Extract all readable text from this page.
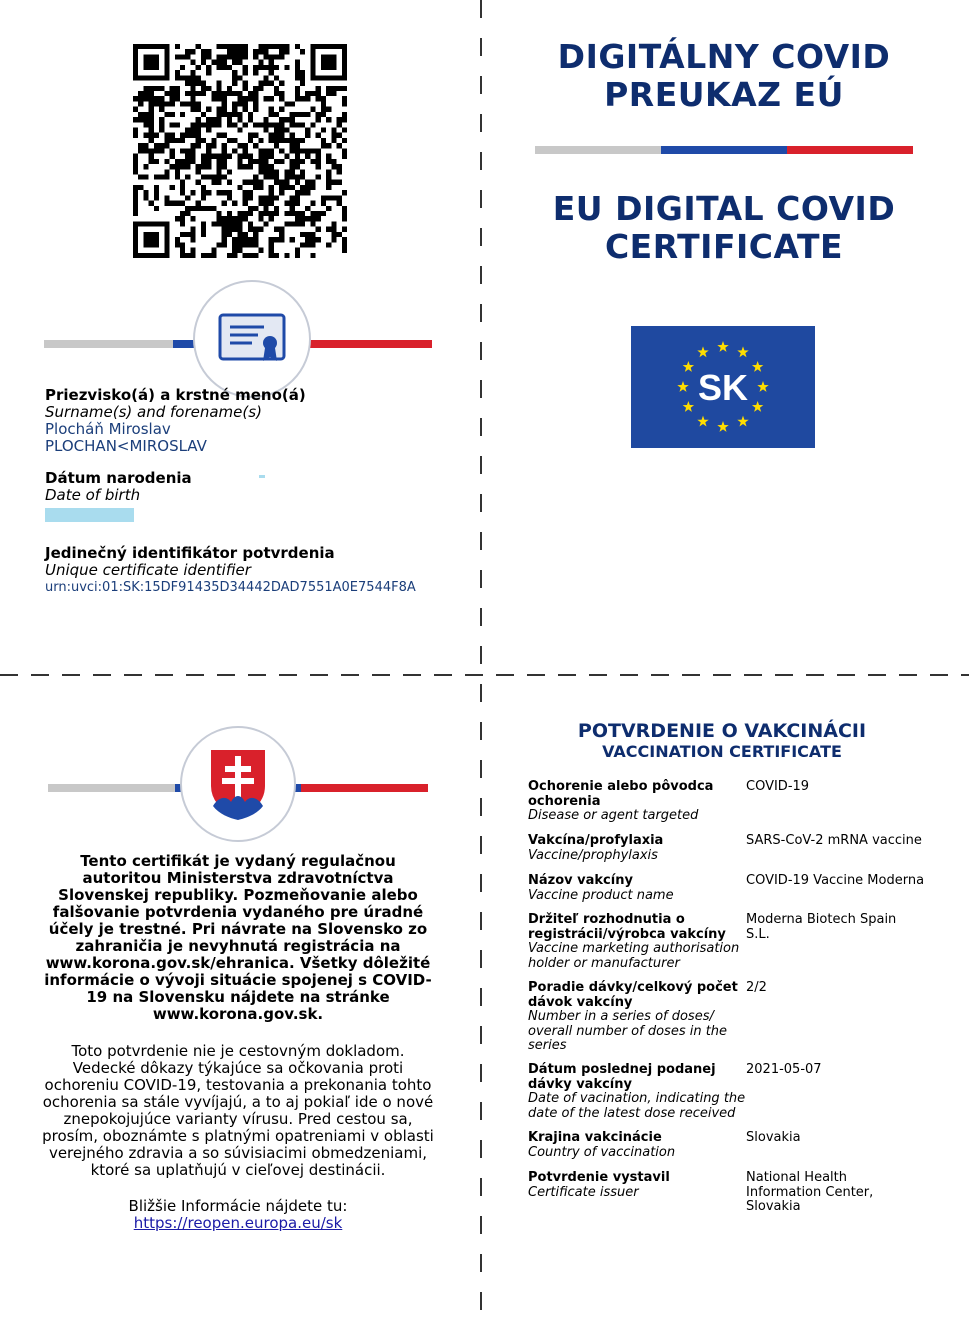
DIGITÁLNY COVID PREUKAZ EÚ
EU DIGITAL COVID CERTIFICATE
SK
Priezvisko(á) a krstné meno(á)
Surname(s) and forename(s)
Plocháň Miroslav
PLOCHAN<MIROSLAV
Dátum narodenia
Date of birth
Jedinečný identifikátor potvrdenia
Unique certificate identifier
urn:uvci:01:SK:15DF91435D34442DAD7551A0E7544F8A
Tento certifikát je vydaný regulačnou autoritou Ministerstva zdravotníctva Slovenskej republiky. Pozmeňovanie alebo falšovanie potvrdenia vydaného pre úradné účely je trestné. Pri návrate na Slovensko zo zahraničia je nevyhnutá registrácia na www.korona.gov.sk/ehranica. Všetky dôležité informácie o vývoji situácie spojenej s COVID-19 na Slovensku nájdete na stránke www.korona.gov.sk.
Toto potvrdenie nie je cestovným dokladom. Vedecké dôkazy týkajúce sa očkovania proti ochoreniu COVID-19, testovania a prekonania tohto ochorenia sa stále vyvíjajú, a to aj pokiaľ ide o nové znepokojujúce varianty vírusu. Pred cestou sa, prosím, oboznámte s platnými opatreniami v oblasti verejného zdravia a so súvisiacimi obmedzeniami, ktoré sa uplatňujú v cieľovej destinácii.
Bližšie Informácie nájdete tu:
https://reopen.europa.eu/sk
POTVRDENIE O VAKCINÁCII
VACCINATION CERTIFICATE
Ochorenie alebo pôvodca ochorenia
Disease or agent targeted
COVID-19
Vakcína/profylaxia
Vaccine/prophylaxis
SARS-CoV-2 mRNA vaccine
Názov vakcíny
Vaccine product name
COVID-19 Vaccine Moderna
Držiteľ rozhodnutia o registrácii/výrobca vakcíny
Vaccine marketing authorisation holder or manufacturer
Moderna Biotech Spain S.L.
Poradie dávky/celkový počet dávok vakcíny
Number in a series of doses/ overall number of doses in the series
2/2
Dátum poslednej podanej dávky vakcíny
Date of vacination, indicating the date of the latest dose received
2021-05-07
Krajina vakcinácie
Country of vaccination
Slovakia
Potvrdenie vystavil
Certificate issuer
National Health Information Center, Slovakia
